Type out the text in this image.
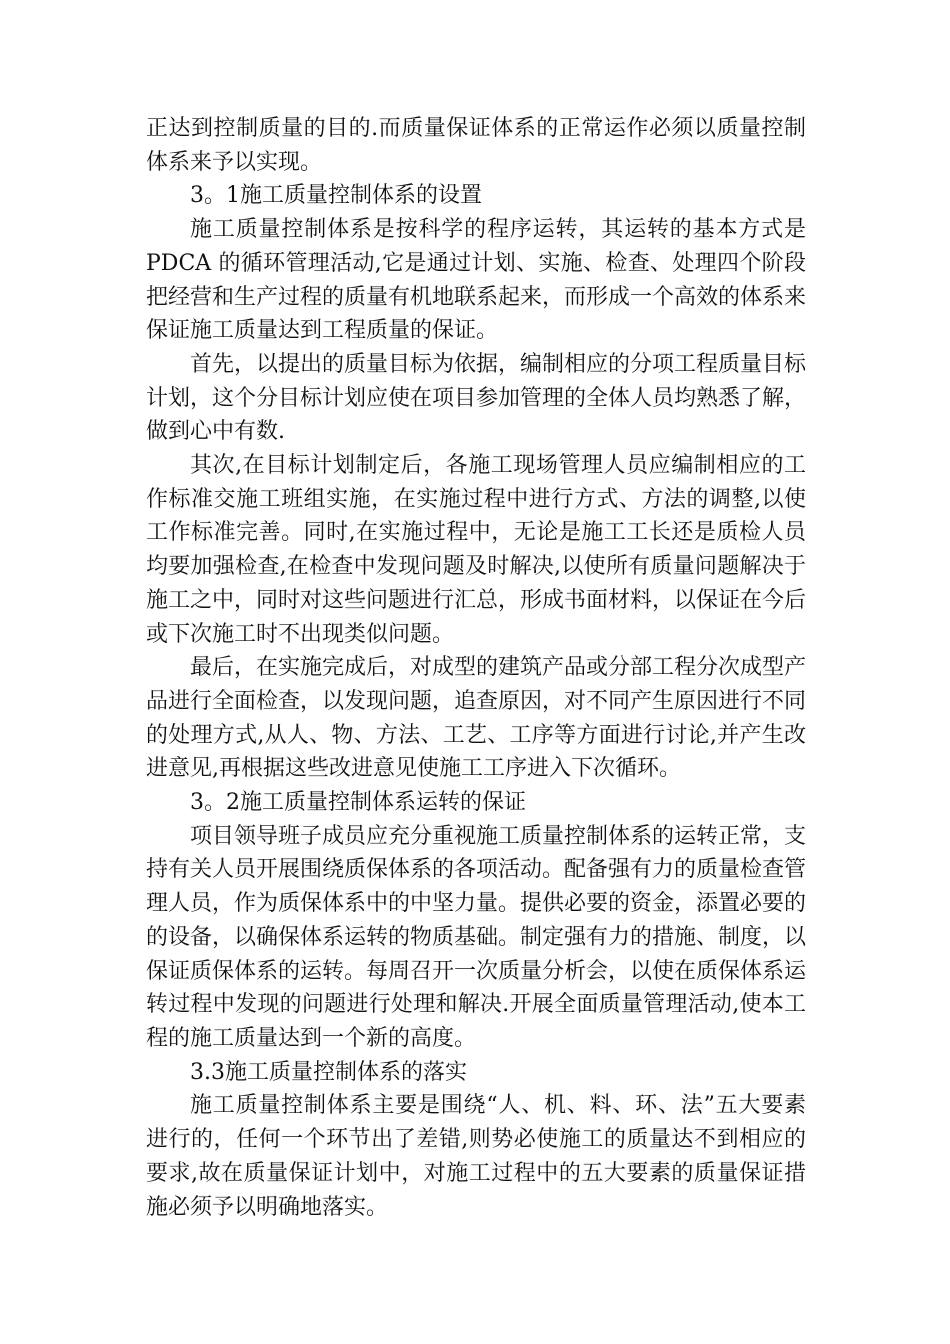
正达到控制质量的目的.而质量保证体系的正常运作必须以质量控制体系来予以实现。

3。1施工质量控制体系的设置

施工质量控制体系是按科学的程序运转，其运转的基本方式是PDCA 的循环管理活动,它是通过计划、实施、检查、处理四个阶段把经营和生产过程的质量有机地联系起来，而形成一个高效的体系来保证施工质量达到工程质量的保证。

首先，以提出的质量目标为依据，编制相应的分项工程质量目标计划，这个分目标计划应使在项目参加管理的全体人员均熟悉了解，做到心中有数.

其次,在目标计划制定后，各施工现场管理人员应编制相应的工作标准交施工班组实施，在实施过程中进行方式、方法的调整,以使工作标准完善。同时,在实施过程中，无论是施工工长还是质检人员均要加强检查,在检查中发现问题及时解决,以使所有质量问题解决于施工之中，同时对这些问题进行汇总，形成书面材料，以保证在今后或下次施工时不出现类似问题。

最后，在实施完成后，对成型的建筑产品或分部工程分次成型产品进行全面检查，以发现问题，追查原因，对不同产生原因进行不同的处理方式,从人、物、方法、工艺、工序等方面进行讨论,并产生改进意见,再根据这些改进意见使施工工序进入下次循环。

3。2施工质量控制体系运转的保证

项目领导班子成员应充分重视施工质量控制体系的运转正常，支持有关人员开展围绕质保体系的各项活动。配备强有力的质量检查管理人员，作为质保体系中的中坚力量。提供必要的资金，添置必要的的设备，以确保体系运转的物质基础。制定强有力的措施、制度，以保证质保体系的运转。每周召开一次质量分析会，以使在质保体系运转过程中发现的问题进行处理和解决.开展全面质量管理活动,使本工程的施工质量达到一个新的高度。

3.3施工质量控制体系的落实

施工质量控制体系主要是围绕“人、机、料、环、法”五大要素进行的，任何一个环节出了差错,则势必使施工的质量达不到相应的要求,故在质量保证计划中，对施工过程中的五大要素的质量保证措施必须予以明确地落实。
